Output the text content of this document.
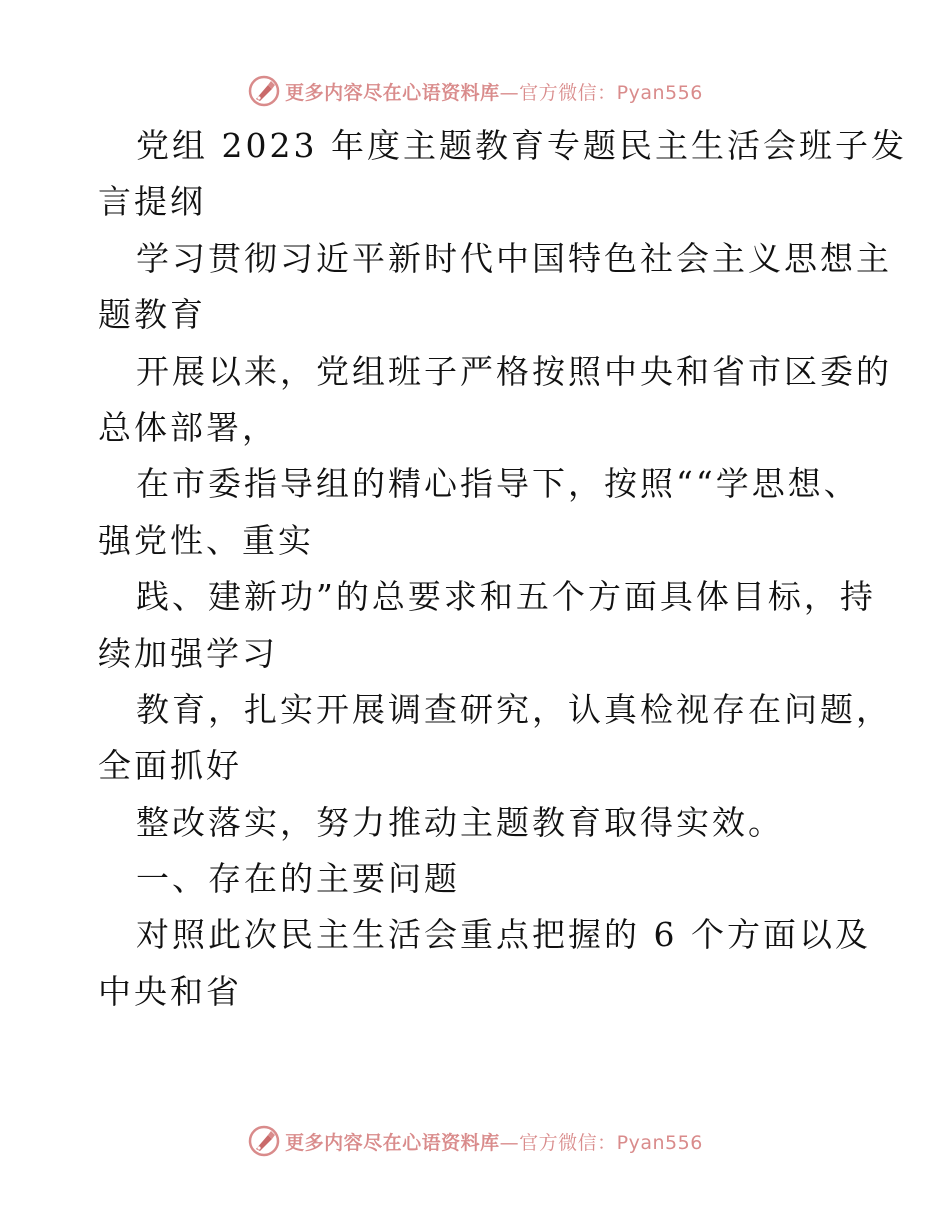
更多内容尽在心语资料库—官方微信：Pyan556
党组 2023 年度主题教育专题民主生活会班子发
言提纲
学习贯彻习近平新时代中国特色社会主义思想主
题教育
开展以来，党组班子严格按照中央和省市区委的
总体部署，
在市委指导组的精心指导下，按照““学思想、
强党性、重实
践、建新功”的总要求和五个方面具体目标，持
续加强学习
教育，扎实开展调查研究，认真检视存在问题，
全面抓好
整改落实，努力推动主题教育取得实效。
一、存在的主要问题
对照此次民主生活会重点把握的 6 个方面以及
中央和省
更多内容尽在心语资料库—官方微信：Pyan556
